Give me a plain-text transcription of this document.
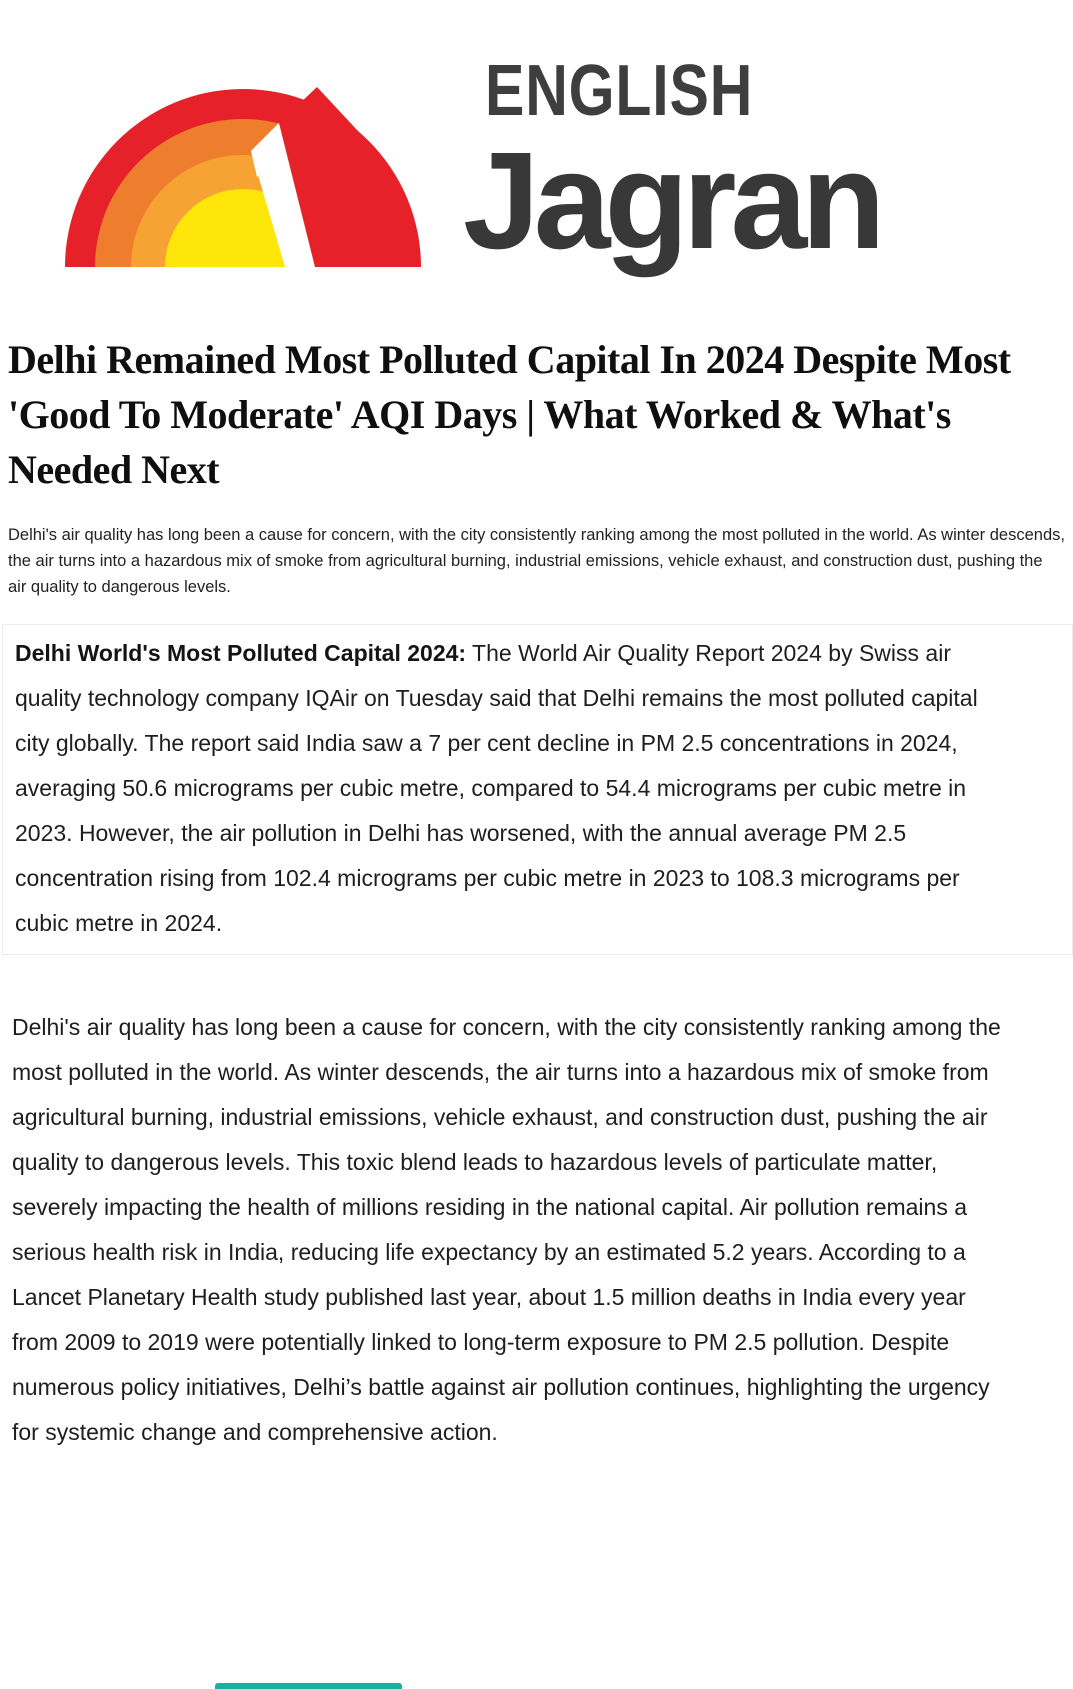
ENGLISH
Jagran
Delhi Remained Most Polluted Capital In 2024 Despite Most 'Good To Moderate' AQI Days | What Worked & What's Needed Next

Delhi's air quality has long been a cause for concern, with the city consistently ranking among the most polluted in the world. As winter descends, the air turns into a hazardous mix of smoke from agricultural burning, industrial emissions, vehicle exhaust, and construction dust, pushing the air quality to dangerous levels.

Delhi World's Most Polluted Capital 2024: The World Air Quality Report 2024 by Swiss air quality technology company IQAir on Tuesday said that Delhi remains the most polluted capital city globally. The report said India saw a 7 per cent decline in PM 2.5 concentrations in 2024, averaging 50.6 micrograms per cubic metre, compared to 54.4 micrograms per cubic metre in 2023. However, the air pollution in Delhi has worsened, with the annual average PM 2.5 concentration rising from 102.4 micrograms per cubic metre in 2023 to 108.3 micrograms per cubic metre in 2024.

Delhi's air quality has long been a cause for concern, with the city consistently ranking among the most polluted in the world. As winter descends, the air turns into a hazardous mix of smoke from agricultural burning, industrial emissions, vehicle exhaust, and construction dust, pushing the air quality to dangerous levels. This toxic blend leads to hazardous levels of particulate matter, severely impacting the health of millions residing in the national capital. Air pollution remains a serious health risk in India, reducing life expectancy by an estimated 5.2 years. According to a Lancet Planetary Health study published last year, about 1.5 million deaths in India every year from 2009 to 2019 were potentially linked to long-term exposure to PM 2.5 pollution. Despite numerous policy initiatives, Delhi’s battle against air pollution continues, highlighting the urgency for systemic change and comprehensive action.
